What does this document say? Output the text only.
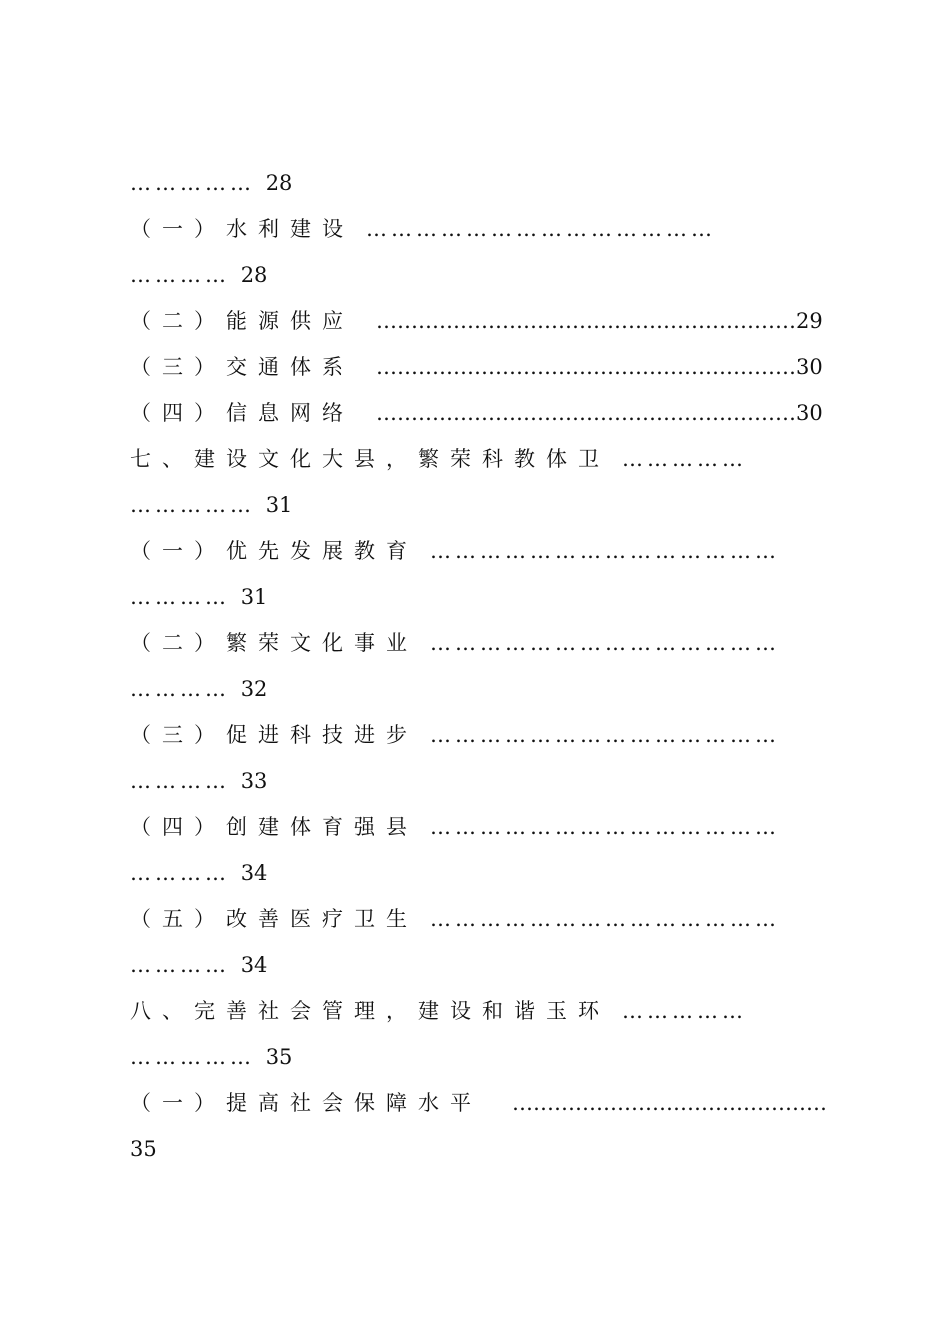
…………… 28
（一）水利建设 ……………………………………
………… 28
（二）能源供应 ……………………………………………………29
（三）交通体系 ……………………………………………………30
（四）信息网络 ……………………………………………………30
七、建设文化大县，繁荣科教体卫 ……………
…………… 31
（一）优先发展教育 ……………………………………
………… 31
（二）繁荣文化事业 ……………………………………
………… 32
（三）促进科技进步 ……………………………………
………… 33
（四）创建体育强县 ……………………………………
………… 34
（五）改善医疗卫生 ……………………………………
………… 34
八、完善社会管理，建设和谐玉环 ……………
…………… 35
（一）提高社会保障水平 ………………………………………
35
